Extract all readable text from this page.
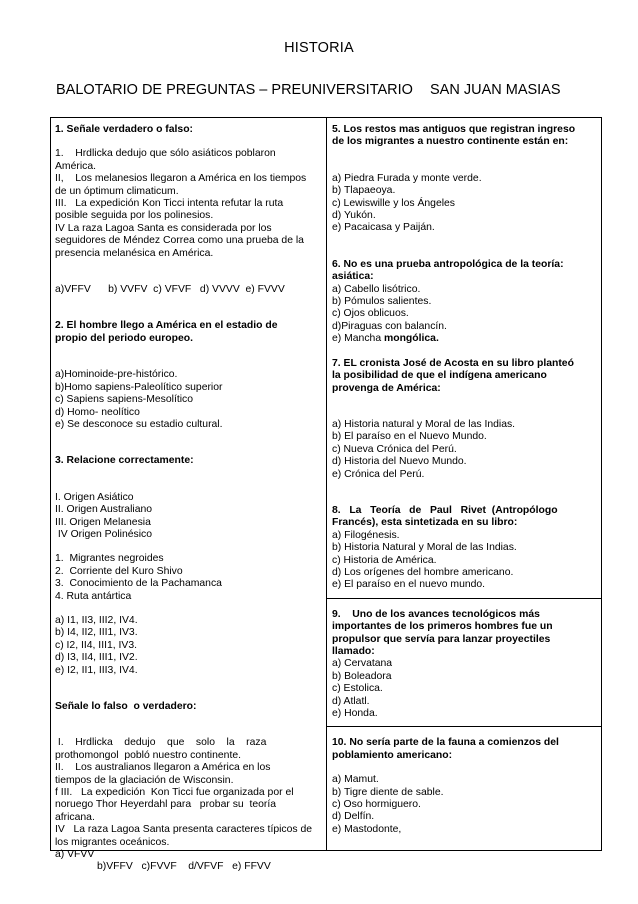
HISTORIA
BALOTARIO DE PREGUNTAS – PREUNIVERSITARIO SAN JUAN MASIAS
1. Señale verdadero o falso:
1.    Hrdlicka dedujo que sólo asiáticos poblaron
América.
II,    Los melanesios llegaron a América en los tiempos
de un óptimum climaticum.
III.   La expedición Kon Ticci intenta refutar la ruta
posible seguida por los polinesios.
IV La raza Lagoa Santa es considerada por los
seguidores de Méndez Correa como una prueba de la
presencia melanésica en América.
a)VFFV      b) VVFV  c) VFVF   d) VVVV  e) FVVV
2. El hombre llego a América en el estadio de
propio del periodo europeo.
a)Hominoide-pre-histórico.
b)Homo sapiens-Paleolítico superior
c) Sapiens sapiens-Mesolítico
d) Homo- neolítico
e) Se desconoce su estadio cultural.
3. Relacione correctamente:
I. Origen Asiático
II. Origen Australiano
III. Origen Melanesia
IV Origen Polinésico
1.  Migrantes negroides
2.  Corriente del Kuro Shivo
3.  Conocimiento de la Pachamanca
4. Ruta antártica
a) I1, II3, III2, IV4.
b) I4, II2, III1, IV3.
c) I2, II4, III1, IV3.
d) I3, II4, III1, IV2.
e) I2, II1, III3, IV4.
Señale lo falso  o verdadero:
I.    Hrdlicka    dedujo    que    solo    la    raza
prothomongol  pobló nuestro continente.
II.    Los australianos llegaron a América en los
tiempos de la glaciación de Wisconsin.
f III.   La expedición  Kon Ticci fue organizada por el
noruego Thor Heyerdahl para   probar su  teoría
africana.
IV   La raza Lagoa Santa presenta caracteres típicos de
los migrantes oceánicos.
a) VFVV
b)VFFV   c)FVVF    d/VFVF   e) FFVV
5. Los restos mas antiguos que registran ingreso
de los migrantes a nuestro continente están en:
a) Piedra Furada y monte verde.
b) Tlapaeoya.
c) Lewiswille y los Ángeles
d) Yukón.
e) Pacaicasa y Paiján.
6. No es una prueba antropológica de la teoría:
asiática:
a) Cabello lisótrico.
b) Pómulos salientes.
c) Ojos oblicuos.
d)Piraguas con balancín.
e) Mancha mongólica.
7. EL cronista José de Acosta en su libro planteó
la posibilidad de que el indígena americano
provenga de América:
a) Historia natural y Moral de las Indias.
b) El paraíso en el Nuevo Mundo.
c) Nueva Crónica del Perú.
d) Historia del Nuevo Mundo.
e) Crónica del Perú.
8.   La   Teoría   de   Paul   Rivet  (Antropólogo
Francés), esta sintetizada en su libro:
a) Filogénesis.
b) Historia Natural y Moral de las Indias.
c) Historia de América.
d) Los orígenes del hombre americano.
e) El paraíso en el nuevo mundo.
9.    Uno de los avances tecnológicos más
importantes de los primeros hombres fue un
propulsor que servía para lanzar proyectiles
llamado:
a) Cervatana
b) Boleadora
c) Estolica.
d) Atlatl.
e) Honda.
10. No sería parte de la fauna a comienzos del
poblamiento americano:
a) Mamut.
b) Tigre diente de sable.
c) Oso hormiguero.
d) Delfín.
e) Mastodonte,
